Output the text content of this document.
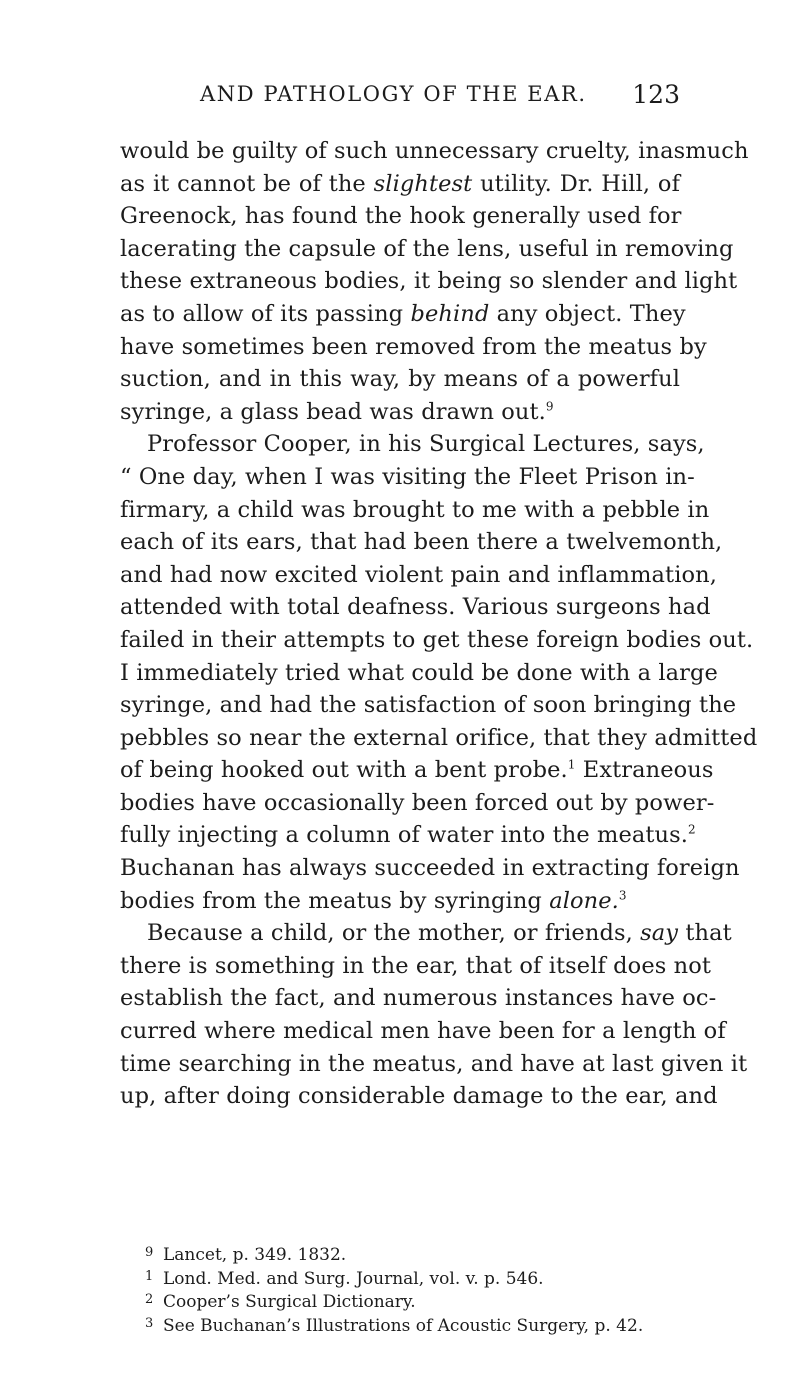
AND PATHOLOGY OF THE EAR. 123
would be guilty of such unnecessary cruelty, inasmuch
as it cannot be of the slightest utility. Dr. Hill, of
Greenock, has found the hook generally used for
lacerating the capsule of the lens, useful in removing
these extraneous bodies, it being so slender and light
as to allow of its passing behind any object. They
have sometimes been removed from the meatus by
suction, and in this way, by means of a powerful
syringe, a glass bead was drawn out.$^9$
Professor Cooper, in his Surgical Lectures, says,
“ One day, when I was visiting the Fleet Prison in-
firmary, a child was brought to me with a pebble in
each of its ears, that had been there a twelvemonth,
and had now excited violent pain and inflammation,
attended with total deafness. Various surgeons had
failed in their attempts to get these foreign bodies out.
I immediately tried what could be done with a large
syringe, and had the satisfaction of soon bringing the
pebbles so near the external orifice, that they admitted
of being hooked out with a bent probe.$^1$ Extraneous
bodies have occasionally been forced out by power-
fully injecting a column of water into the meatus.$^2$
Buchanan has always succeeded in extracting foreign
bodies from the meatus by syringing alone.$^3$
Because a child, or the mother, or friends, say that
there is something in the ear, that of itself does not
establish the fact, and numerous instances have oc-
curred where medical men have been for a length of
time searching in the meatus, and have at last given it
up, after doing considerable damage to the ear, and
9 Lancet, p. 349. 1832.
1 Lond. Med. and Surg. Journal, vol. v. p. 546.
2 Cooper’s Surgical Dictionary.
3 See Buchanan’s Illustrations of Acoustic Surgery, p. 42.
